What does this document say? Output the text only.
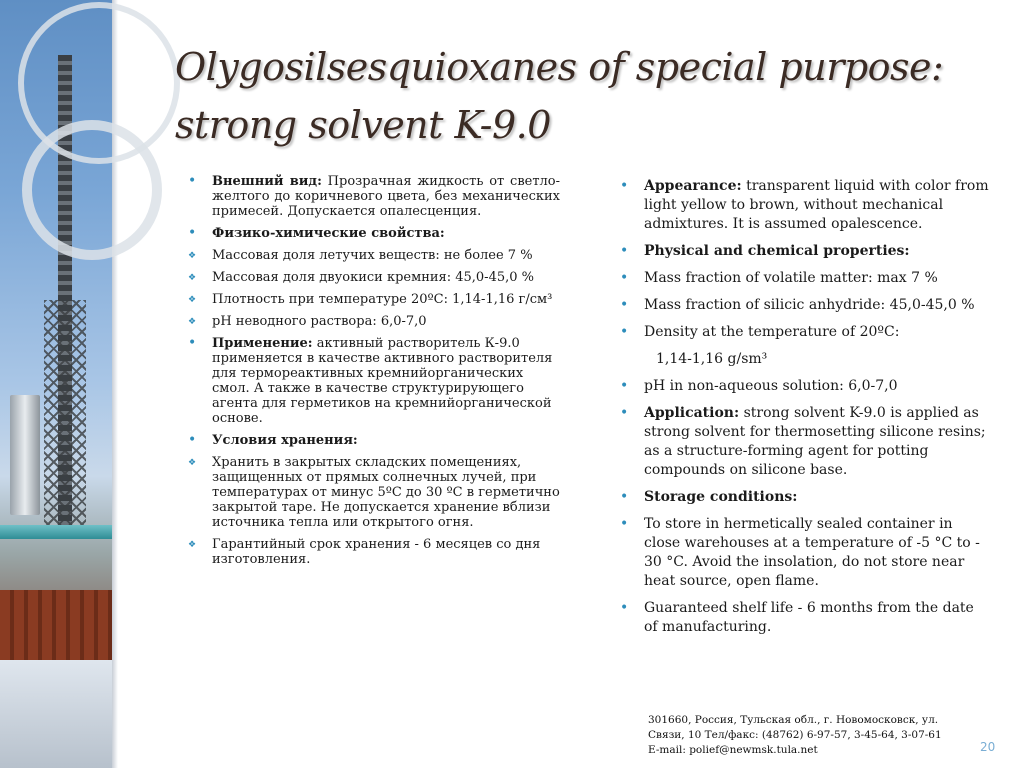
Olygosilsesquioxanes of special purpose:
strong solvent K-9.0
• Внешний вид: Прозрачная жидкость от светло-желтого до коричневого цвета, без механических примесей. Допускается опалесценция.
• Физико-химические свойства:
❖ Массовая доля летучих веществ: не более 7 %
❖ Массовая доля двуокиси кремния: 45,0-45,0 %
❖ Плотность при температуре 20ºС: 1,14-1,16 г/см³
❖ pH неводного раствора: 6,0-7,0
• Применение: активный растворитель К-9.0 применяется в качестве активного растворителя для термореактивных кремнийорганических смол. А также в качестве структурирующего агента для герметиков на кремнийорганической основе.
• Условия хранения:
❖ Хранить в закрытых складских помещениях, защищенных от прямых солнечных лучей, при температурах от минус 5ºС до 30 ºС в герметично закрытой таре. Не допускается хранение вблизи источника тепла или открытого огня.
❖ Гарантийный срок хранения - 6 месяцев со дня изготовления.
• Appearance: transparent liquid with color from light yellow to brown, without mechanical admixtures. It is assumed opalescence.
• Physical and chemical properties:
• Mass fraction of volatile matter: max 7 %
• Mass fraction of silicic anhydride: 45,0-45,0 %
• Density at the temperature of 20ºC:
1,14-1,16 g/sm³
• pH in non-aqueous solution: 6,0-7,0
• Application: strong solvent K-9.0 is applied as strong solvent for thermosetting silicone resins; as a structure-forming agent for potting compounds on silicone base.
• Storage conditions:
• To store in hermetically sealed container in close warehouses at a temperature of -5 °C to - 30 °C. Avoid the insolation, do not store near heat source, open flame.
• Guaranteed shelf life - 6 months from the date of manufacturing.
301660, Россия, Тульская обл., г. Новомосковск, ул.
Связи, 10 Тел/факс: (48762) 6-97-57, 3-45-64, 3-07-61
E-mail: polief@newmsk.tula.net	20
